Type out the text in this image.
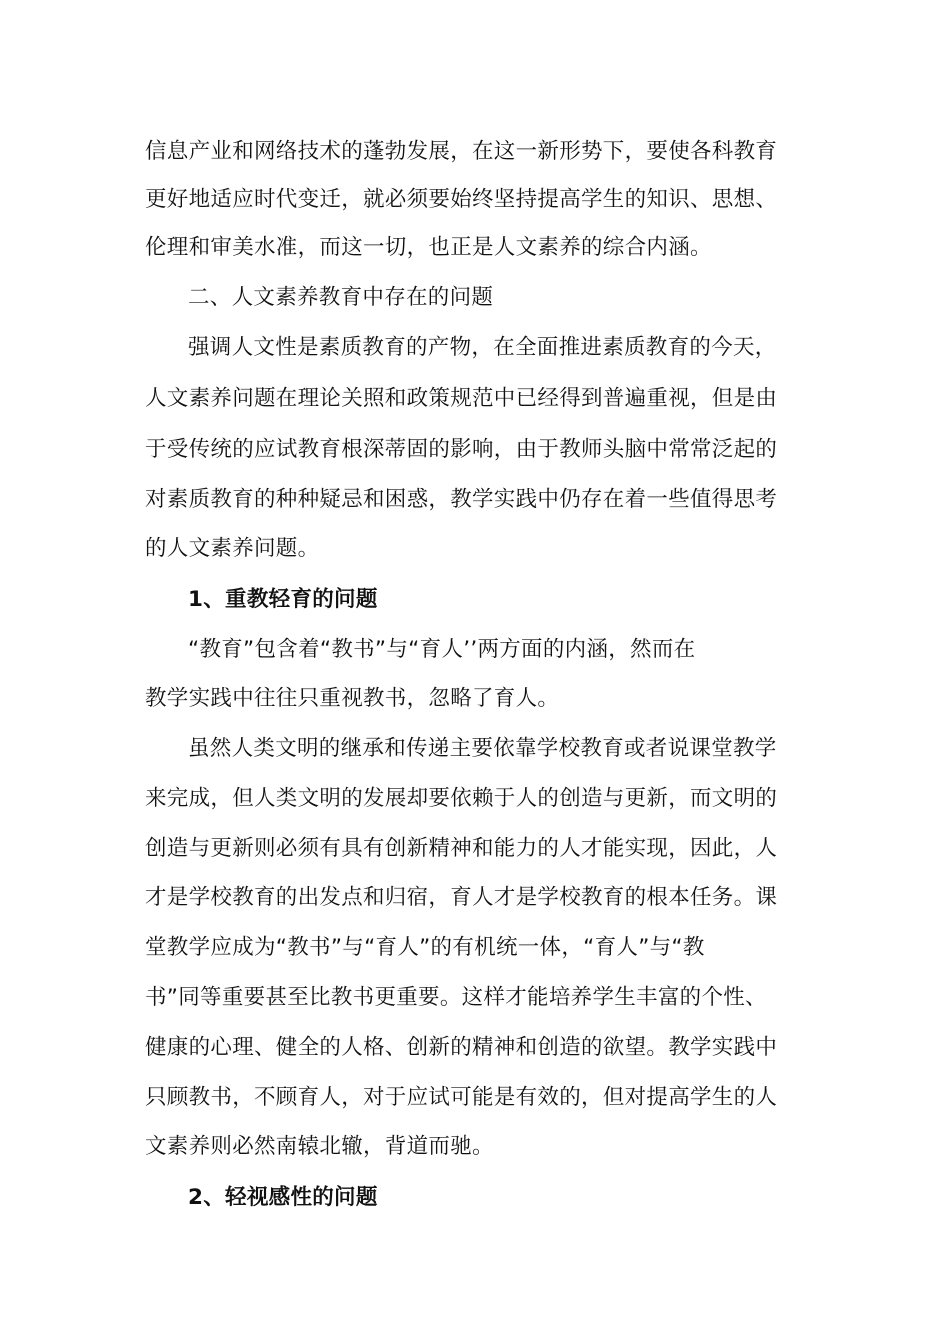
信息产业和网络技术的蓬勃发展，在这一新形势下，要使各科教育
更好地适应时代变迁，就必须要始终坚持提高学生的知识、思想、
伦理和审美水准，而这一切，也正是人文素养的综合内涵。
二、人文素养教育中存在的问题
强调人文性是素质教育的产物，在全面推进素质教育的今天，
人文素养问题在理论关照和政策规范中已经得到普遍重视，但是由
于受传统的应试教育根深蒂固的影响，由于教师头脑中常常泛起的
对素质教育的种种疑忌和困惑，教学实践中仍存在着一些值得思考
的人文素养问题。
1、重教轻育的问题
“教育”包含着“教书”与“育人’’两方面的内涵，然而在
教学实践中往往只重视教书，忽略了育人。
虽然人类文明的继承和传递主要依靠学校教育或者说课堂教学
来完成，但人类文明的发展却要依赖于人的创造与更新，而文明的
创造与更新则必须有具有创新精神和能力的人才能实现，因此，人
才是学校教育的出发点和归宿，育人才是学校教育的根本任务。课
堂教学应成为“教书”与“育人”的有机统一体，“育人”与“教
书”同等重要甚至比教书更重要。这样才能培养学生丰富的个性、
健康的心理、健全的人格、创新的精神和创造的欲望。教学实践中
只顾教书，不顾育人，对于应试可能是有效的，但对提高学生的人
文素养则必然南辕北辙，背道而驰。
2、轻视感性的问题
